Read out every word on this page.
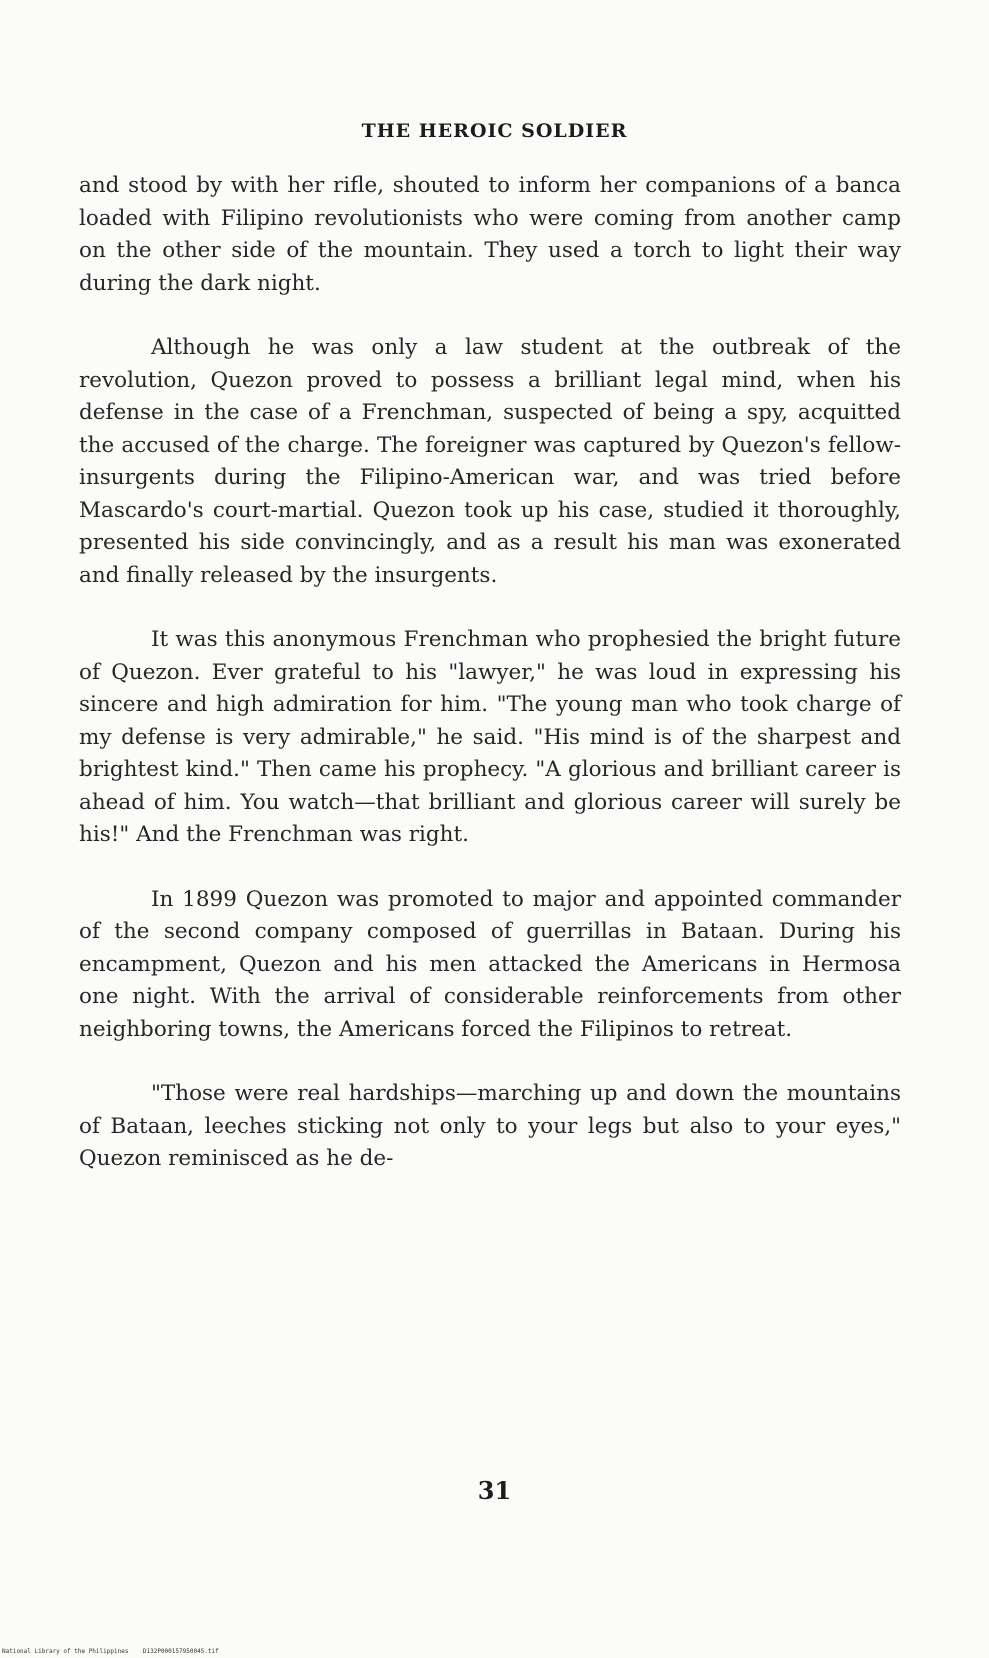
THE HEROIC SOLDIER

and stood by with her rifle, shouted to inform her companions of a banca loaded with Filipino revolutionists who were coming from another camp on the other side of the mountain. They used a torch to light their way during the dark night.

Although he was only a law student at the outbreak of the revolution, Quezon proved to possess a brilliant legal mind, when his defense in the case of a Frenchman, suspected of being a spy, acquitted the accused of the charge. The foreigner was captured by Quezon's fellow-insurgents during the Filipino-American war, and was tried before Mascardo's court-martial. Quezon took up his case, studied it thoroughly, presented his side convincingly, and as a result his man was exonerated and finally released by the insurgents.

It was this anonymous Frenchman who prophesied the bright future of Quezon. Ever grateful to his "lawyer," he was loud in expressing his sincere and high admiration for him. "The young man who took charge of my defense is very admirable," he said. "His mind is of the sharpest and brightest kind." Then came his prophecy. "A glorious and brilliant career is ahead of him. You watch—that brilliant and glorious career will surely be his!" And the Frenchman was right.

In 1899 Quezon was promoted to major and appointed commander of the second company composed of guerrillas in Bataan. During his encampment, Quezon and his men attacked the Americans in Hermosa one night. With the arrival of considerable reinforcements from other neighboring towns, the Americans forced the Filipinos to retreat.

"Those were real hardships—marching up and down the mountains of Bataan, leeches sticking not only to your legs but also to your eyes," Quezon reminisced as he de-

31
National Library of the Philippines    D132P000157950045.tif
